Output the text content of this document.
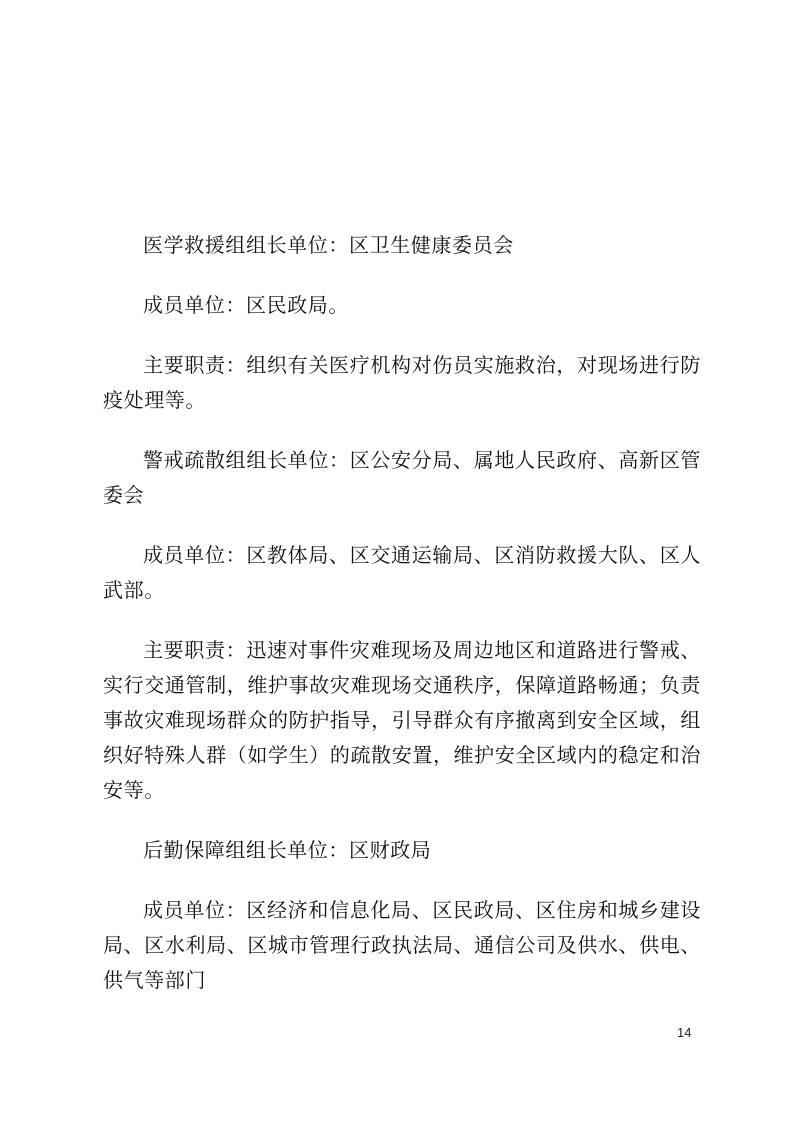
医学救援组组长单位：区卫生健康委员会

成员单位：区民政局。

主要职责：组织有关医疗机构对伤员实施救治，对现场进行防疫处理等。

警戒疏散组组长单位：区公安分局、属地人民政府、高新区管委会

成员单位：区教体局、区交通运输局、区消防救援大队、区人武部。

主要职责：迅速对事件灾难现场及周边地区和道路进行警戒、实行交通管制，维护事故灾难现场交通秩序，保障道路畅通；负责事故灾难现场群众的防护指导，引导群众有序撤离到安全区域，组织好特殊人群（如学生）的疏散安置，维护安全区域内的稳定和治安等。

后勤保障组组长单位：区财政局

成员单位：区经济和信息化局、区民政局、区住房和城乡建设局、区水利局、区城市管理行政执法局、通信公司及供水、供电、供气等部门

14
